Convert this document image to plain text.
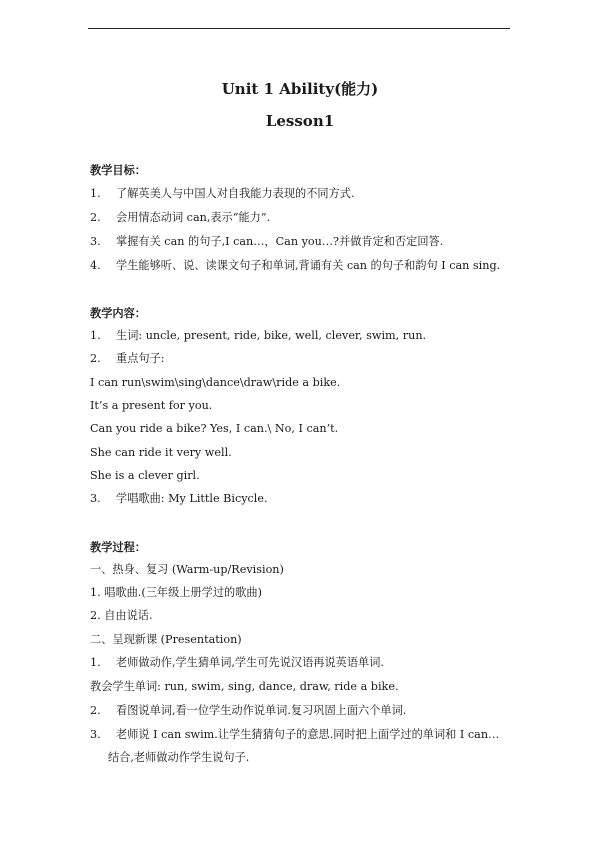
Unit 1 Ability(能力)
Lesson1
教学目标：
1. 了解英美人与中国人对自我能力表现的不同方式.
2. 会用情态动词 can,表示“能力”.
3. 掌握有关 can 的句子,I can…，Can you…?并做肯定和否定回答.
4. 学生能够听、说、读课文句子和单词,背诵有关 can 的句子和韵句 I can sing.
教学内容：
1. 生词: uncle, present, ride, bike, well, clever, swim, run.
2. 重点句子:
I can run\swim\sing\dance\draw\ride a bike.
It’s a present for you.
Can you ride a bike? Yes, I can.\ No, I can’t.
She can ride it very well.
She is a clever girl.
3. 学唱歌曲: My Little Bicycle.
教学过程：
一、热身、复习 (Warm-up/Revision)
1. 唱歌曲.(三年级上册学过的歌曲)
2. 自由说话.
二、呈现新课 (Presentation)
1. 老师做动作,学生猜单词,学生可先说汉语再说英语单词.
教会学生单词: run, swim, sing, dance, draw, ride a bike.
2. 看图说单词,看一位学生动作说单词.复习巩固上面六个单词.
3. 老师说 I can swim.让学生猜猜句子的意思.同时把上面学过的单词和 I can…
结合,老师做动作学生说句子.
